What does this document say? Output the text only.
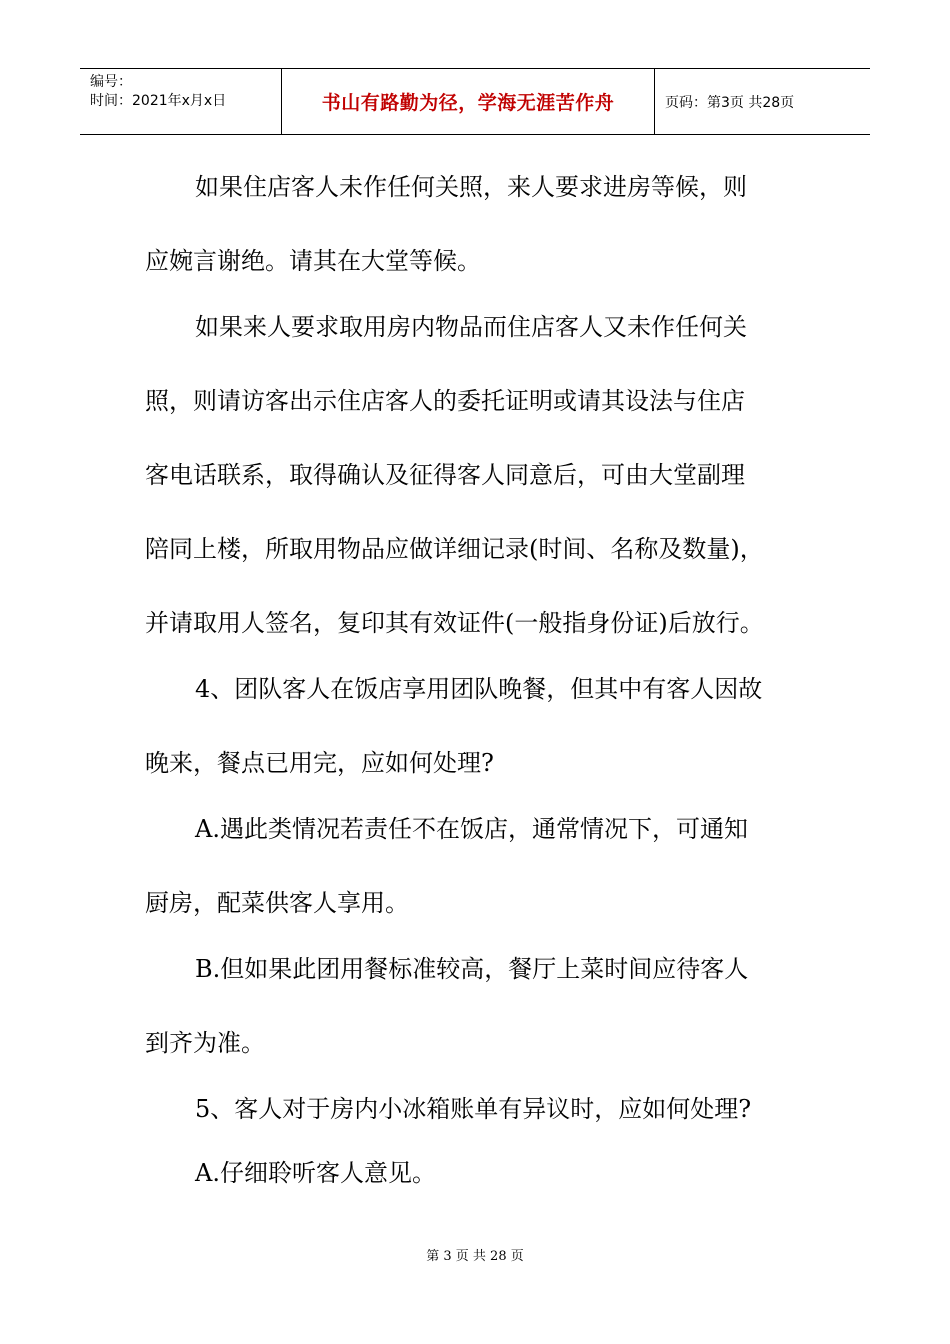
编号：
时间：2021年x月x日	书山有路勤为径，学海无涯苦作舟	页码：第3页 共28页

如果住店客人未作任何关照，来人要求进房等候，则

应婉言谢绝。请其在大堂等候。

如果来人要求取用房内物品而住店客人又未作任何关

照，则请访客出示住店客人的委托证明或请其设法与住店

客电话联系，取得确认及征得客人同意后，可由大堂副理

陪同上楼，所取用物品应做详细记录(时间、名称及数量)，

并请取用人签名，复印其有效证件(一般指身份证)后放行。

4、团队客人在饭店享用团队晚餐，但其中有客人因故

晚来，餐点已用完，应如何处理?

A.遇此类情况若责任不在饭店，通常情况下，可通知

厨房，配菜供客人享用。

B.但如果此团用餐标准较高，餐厅上菜时间应待客人

到齐为准。

5、客人对于房内小冰箱账单有异议时，应如何处理?

A.仔细聆听客人意见。

第 3 页 共 28 页
